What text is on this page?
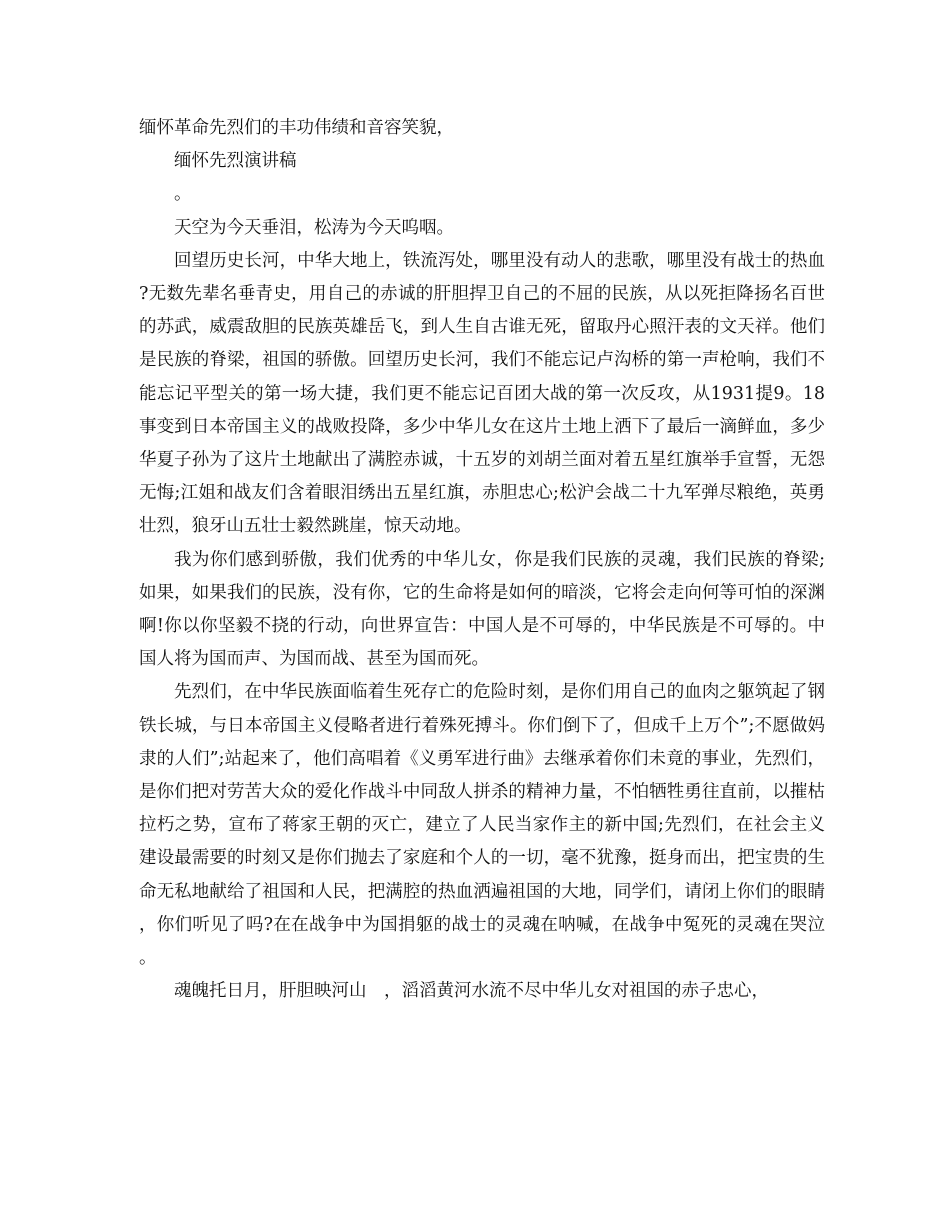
缅怀革命先烈们的丰功伟绩和音容笑貌，

缅怀先烈演讲稿

。

天空为今天垂泪，松涛为今天呜咽。

回望历史长河，中华大地上，铁流泻处，哪里没有动人的悲歌，哪里没有战士的热血?无数先辈名垂青史，用自己的赤诚的肝胆捍卫自己的不屈的民族，从以死拒降扬名百世的苏武，威震敌胆的民族英雄岳飞，到人生自古谁无死，留取丹心照汗表的文天祥。他们是民族的脊梁，祖国的骄傲。回望历史长河，我们不能忘记卢沟桥的第一声枪响，我们不能忘记平型关的第一场大捷，我们更不能忘记百团大战的第一次反攻，从1931提9。18事变到日本帝国主义的战败投降，多少中华儿女在这片土地上洒下了最后一滴鲜血，多少华夏子孙为了这片土地献出了满腔赤诚，十五岁的刘胡兰面对着五星红旗举手宣誓，无怨无悔;江姐和战友们含着眼泪绣出五星红旗，赤胆忠心;松沪会战二十九军弹尽粮绝，英勇壮烈，狼牙山五壮士毅然跳崖，惊天动地。

我为你们感到骄傲，我们优秀的中华儿女，你是我们民族的灵魂，我们民族的脊梁;如果，如果我们的民族，没有你，它的生命将是如何的暗淡，它将会走向何等可怕的深渊啊!你以你坚毅不挠的行动，向世界宣告：中国人是不可辱的，中华民族是不可辱的。中国人将为国而声、为国而战、甚至为国而死。

先烈们，在中华民族面临着生死存亡的危险时刻，是你们用自己的血肉之躯筑起了钢铁长城，与日本帝国主义侵略者进行着殊死搏斗。你们倒下了，但成千上万个”;不愿做妈隶的人们”;站起来了，他们高唱着《义勇军进行曲》去继承着你们未竟的事业，先烈们，是你们把对劳苦大众的爱化作战斗中同敌人拼杀的精神力量，不怕牺牲勇往直前，以摧枯拉朽之势，宣布了蒋家王朝的灭亡，建立了人民当家作主的新中国;先烈们，在社会主义建设最需要的时刻又是你们抛去了家庭和个人的一切，毫不犹豫，挺身而出，把宝贵的生命无私地献给了祖国和人民，把满腔的热血洒遍祖国的大地，同学们，请闭上你们的眼睛，你们听见了吗?在在战争中为国捐躯的战士的灵魂在呐喊，在战争中冤死的灵魂在哭泣。

魂魄托日月，肝胆映河山　，滔滔黄河水流不尽中华儿女对祖国的赤子忠心，
